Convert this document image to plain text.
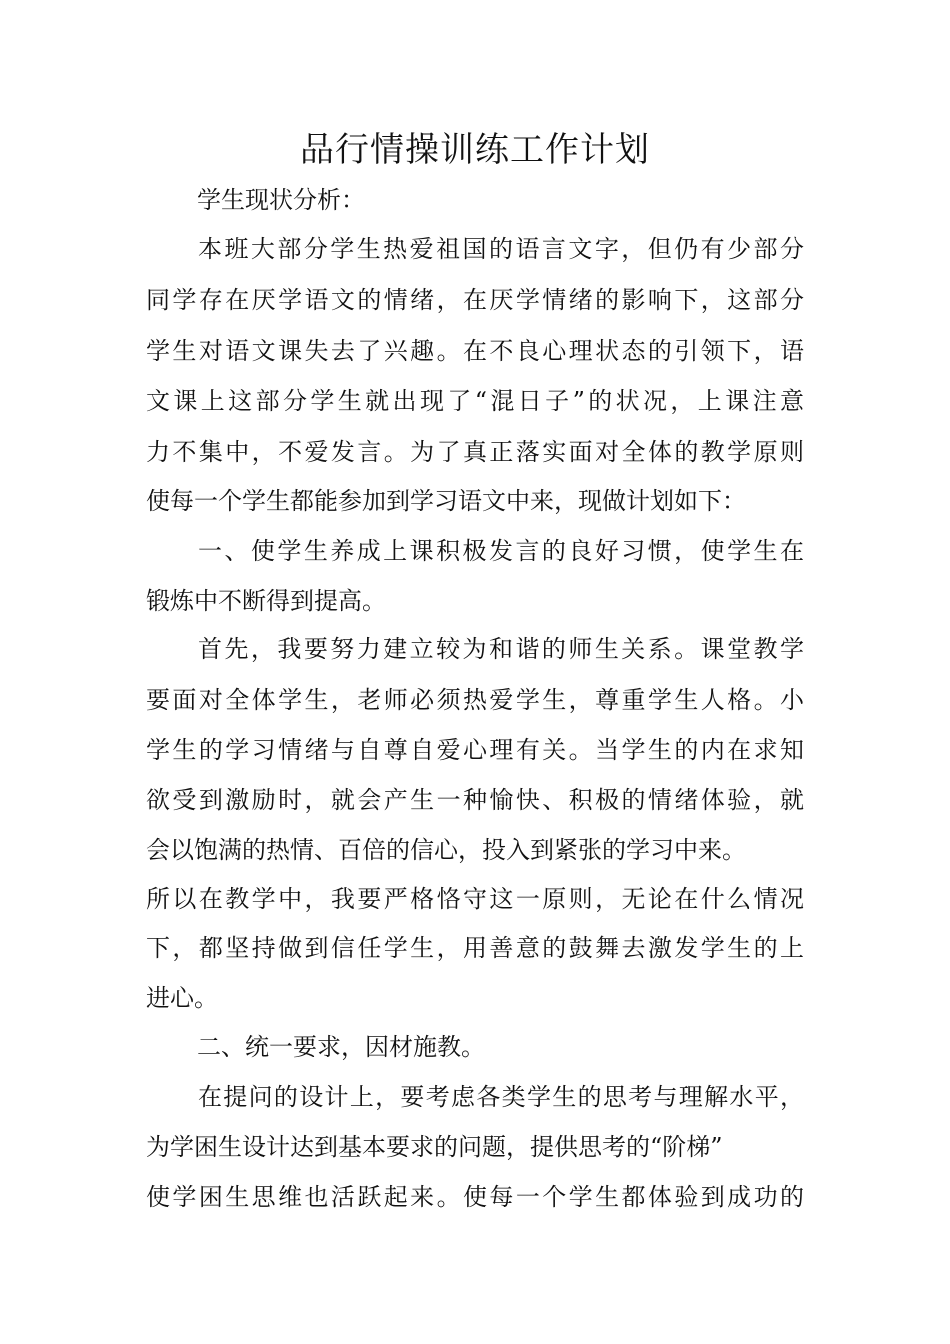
品行情操训练工作计划

学生现状分析：

本班大部分学生热爱祖国的语言文字，但仍有少部分

同学存在厌学语文的情绪，在厌学情绪的影响下，这部分

学生对语文课失去了兴趣。在不良心理状态的引领下，语

文课上这部分学生就出现了“混日子”的状况，上课注意

力不集中，不爱发言。为了真正落实面对全体的教学原则

使每一个学生都能参加到学习语文中来，现做计划如下：

一、使学生养成上课积极发言的良好习惯，使学生在

锻炼中不断得到提高。

首先，我要努力建立较为和谐的师生关系。课堂教学

要面对全体学生，老师必须热爱学生，尊重学生人格。小

学生的学习情绪与自尊自爱心理有关。当学生的内在求知

欲受到激励时，就会产生一种愉快、积极的情绪体验，就

会以饱满的热情、百倍的信心，投入到紧张的学习中来。

所以在教学中，我要严格恪守这一原则，无论在什么情况

下，都坚持做到信任学生，用善意的鼓舞去激发学生的上

进心。

二、统一要求，因材施教。

在提问的设计上，要考虑各类学生的思考与理解水平，

为学困生设计达到基本要求的问题，提供思考的“阶梯”

使学困生思维也活跃起来。使每一个学生都体验到成功的
